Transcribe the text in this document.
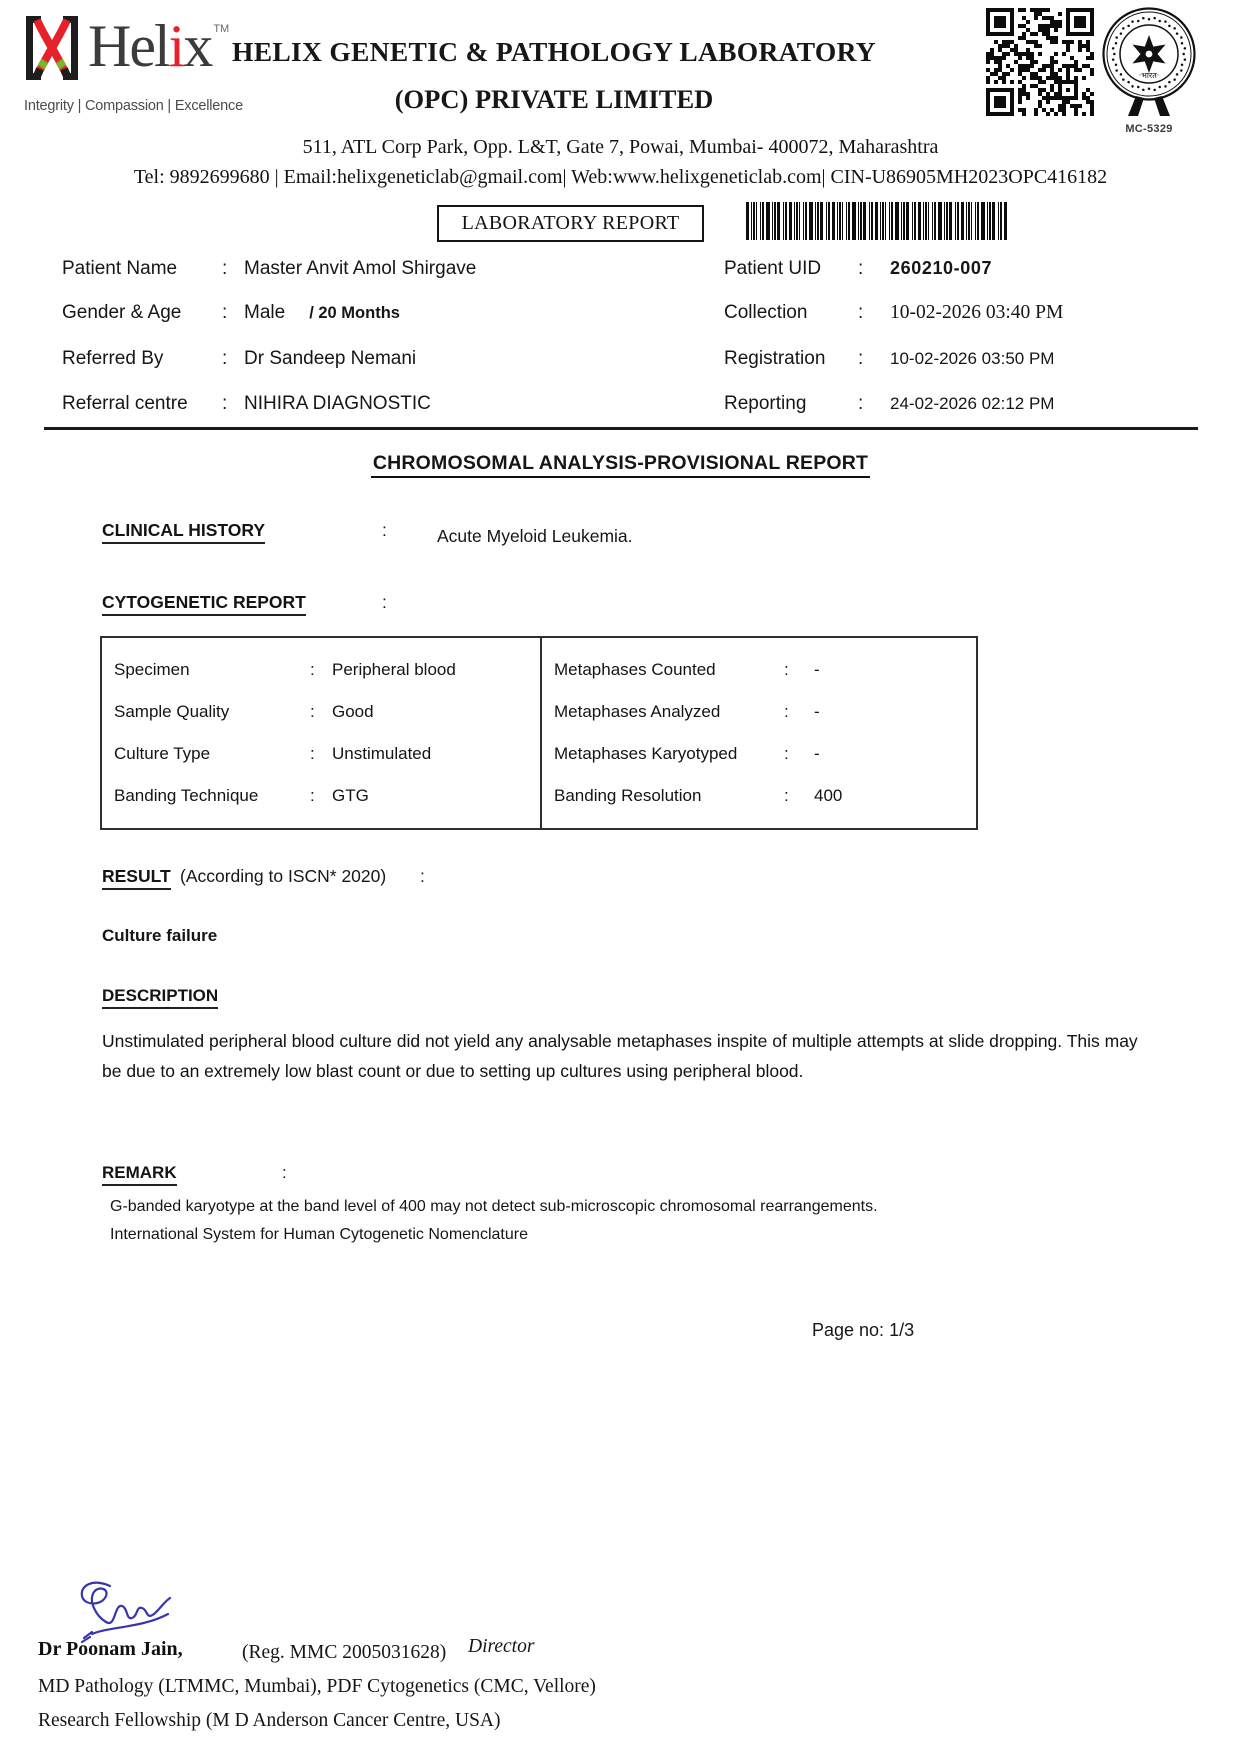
Helix ™
Integrity | Compassion | Excellence
HELIX GENETIC & PATHOLOGY LABORATORY
(OPC) PRIVATE LIMITED
·भारत·
MC-5329
511, ATL Corp Park, Opp. L&T, Gate 7, Powai, Mumbai- 400072, Maharashtra
Tel: 9892699680 | Email:helixgeneticlab@gmail.com| Web:www.helixgeneticlab.com| CIN-U86905MH2023OPC416182
LABORATORY REPORT
Patient Name : Master Anvit Amol Shirgave
Gender & Age : Male / 20 Months
Referred By	: Dr Sandeep Nemani
Referral centre : NIHIRA DIAGNOSTIC
Patient UID : 260210-007
Collection	: 10-02-2026 03:40 PM
Registration : 10-02-2026 03:50 PM
Reporting	: 24-02-2026 02:12 PM
CHROMOSOMAL ANALYSIS-PROVISIONAL REPORT
CLINICAL HISTORY	:	Acute Myeloid Leukemia.
CYTOGENETIC REPORT	:
Specimen	: Peripheral blood
Sample Quality	: Good
Culture Type	: Unstimulated
Banding Technique	: GTG
Metaphases Counted	: -
Metaphases Analyzed	: -
Metaphases Karyotyped	: -
Banding Resolution	: 400
RESULT (According to ISCN* 2020) :
Culture failure
DESCRIPTION
Unstimulated peripheral blood culture did not yield any analysable metaphases inspite of multiple attempts at slide dropping. This may be due to an extremely low blast count or due to setting up cultures using peripheral blood.
REMARK	:
G-banded karyotype at the band level of 400 may not detect sub-microscopic chromosomal rearrangements.
International System for Human Cytogenetic Nomenclature
Page no: 1/3
Dr Poonam Jain,	(Reg. MMC 2005031628) Director
MD Pathology (LTMMC, Mumbai), PDF Cytogenetics (CMC, Vellore)
Research Fellowship (M D Anderson Cancer Centre, USA)
